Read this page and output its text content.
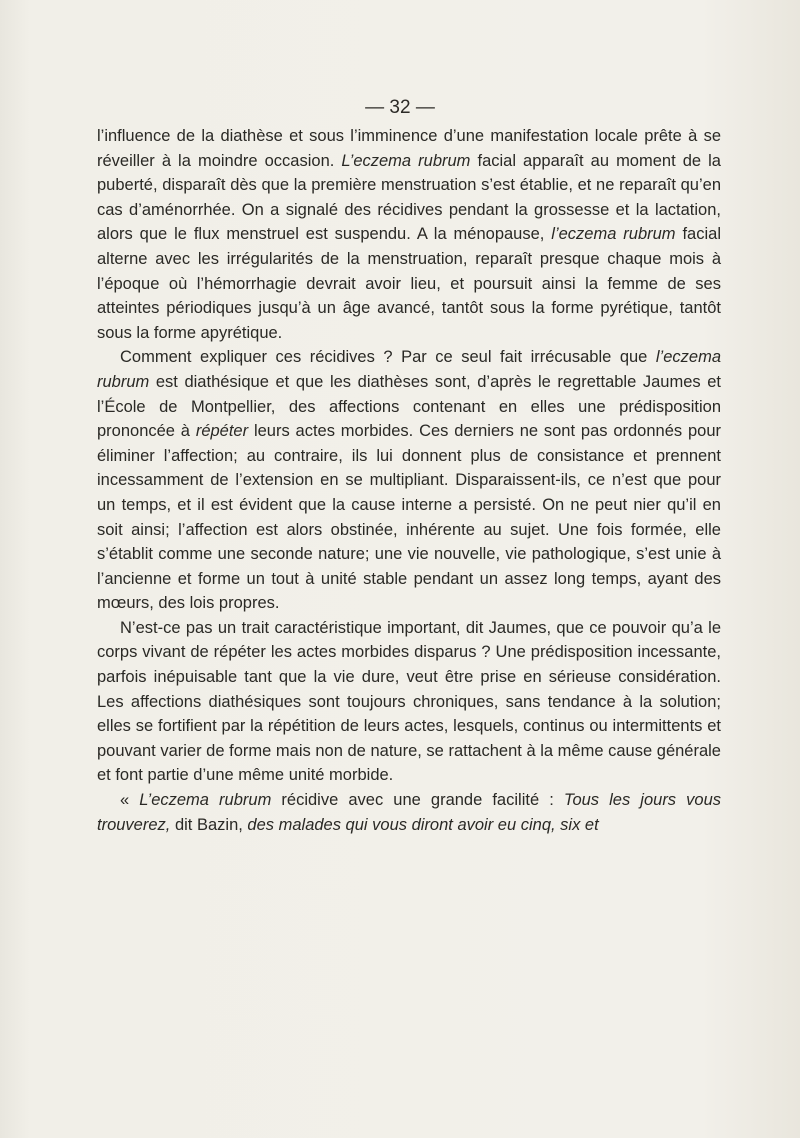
— 32 —

l’influence de la diathèse et sous l’imminence d’une manifestation locale prête à se réveiller à la moindre occasion. L’eczema rubrum facial apparaît au moment de la puberté, disparaît dès que la première menstruation s’est établie, et ne reparaît qu’en cas d’aménorrhée. On a signalé des récidives pendant la grossesse et la lactation, alors que le flux menstruel est suspendu. A la ménopause, l’eczema rubrum facial alterne avec les irrégularités de la menstruation, reparaît presque chaque mois à l’époque où l’hémorrhagie devrait avoir lieu, et poursuit ainsi la femme de ses atteintes périodiques jusqu’à un âge avancé, tantôt sous la forme pyrétique, tantôt sous la forme apyrétique.

Comment expliquer ces récidives ? Par ce seul fait irrécusable que l’eczema rubrum est diathésique et que les diathèses sont, d’après le regrettable Jaumes et l’École de Montpellier, des affections contenant en elles une prédisposition prononcée à répéter leurs actes morbides. Ces derniers ne sont pas ordonnés pour éliminer l’affection; au contraire, ils lui donnent plus de consistance et prennent incessamment de l’extension en se multipliant. Disparaissent-ils, ce n’est que pour un temps, et il est évident que la cause interne a persisté. On ne peut nier qu’il en soit ainsi; l’affection est alors obstinée, inhérente au sujet. Une fois formée, elle s’établit comme une seconde nature; une vie nouvelle, vie pathologique, s’est unie à l’ancienne et forme un tout à unité stable pendant un assez long temps, ayant des mœurs, des lois propres.

N’est-ce pas un trait caractéristique important, dit Jaumes, que ce pouvoir qu’a le corps vivant de répéter les actes morbides disparus ? Une prédisposition incessante, parfois inépuisable tant que la vie dure, veut être prise en sérieuse considération. Les affections diathésiques sont toujours chroniques, sans tendance à la solution; elles se fortifient par la répétition de leurs actes, lesquels, continus ou intermittents et pouvant varier de forme mais non de nature, se rattachent à la même cause générale et font partie d’une même unité morbide.

« L’eczema rubrum récidive avec une grande facilité : Tous les jours vous trouverez, dit Bazin, des malades qui vous diront avoir eu cinq, six et
